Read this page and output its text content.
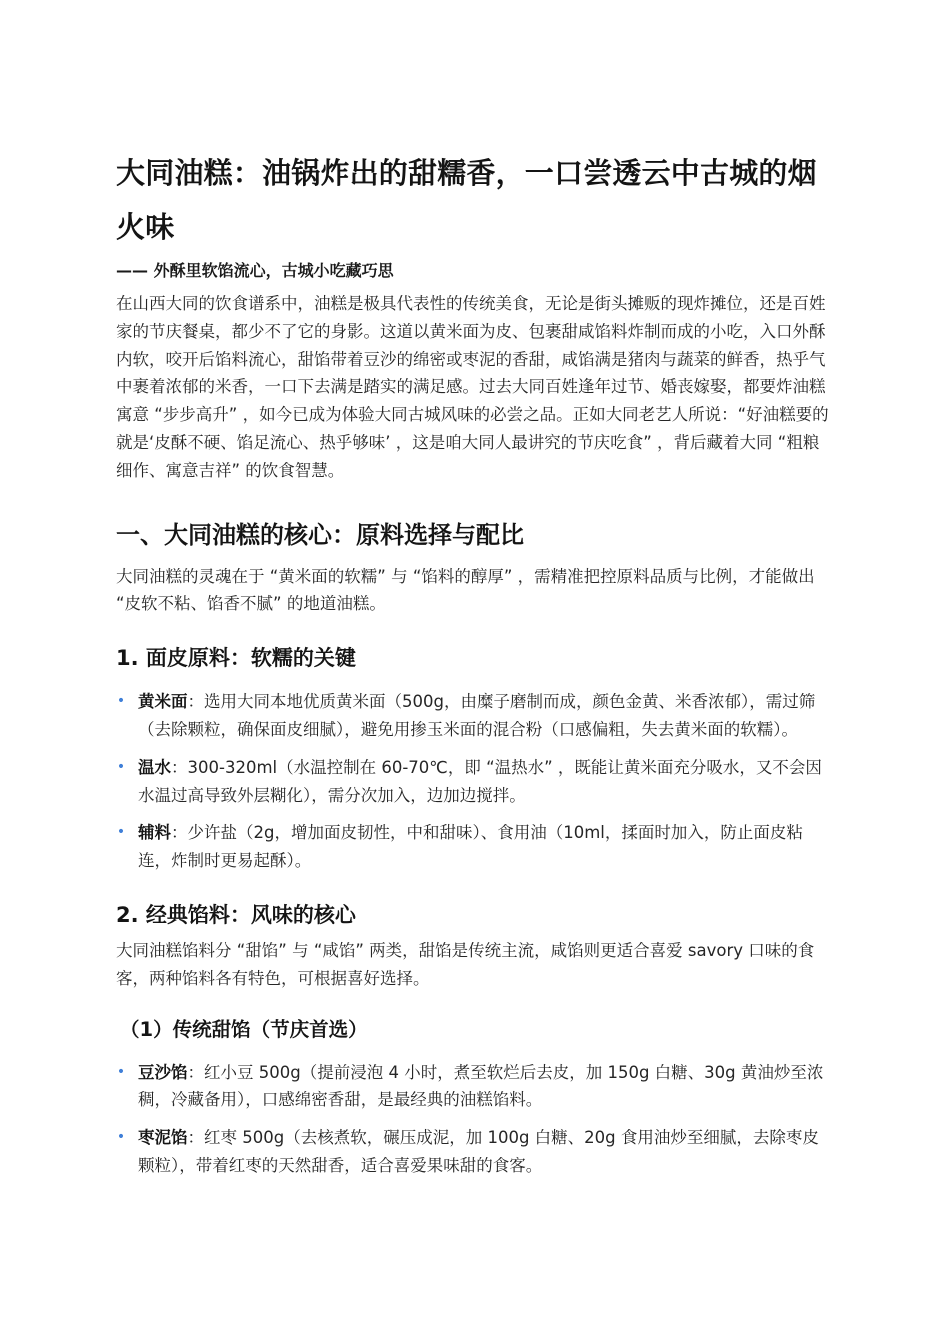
大同油糕：油锅炸出的甜糯香，一口尝透云中古城的烟火味
—— 外酥里软馅流心，古城小吃藏巧思

在山西大同的饮食谱系中，油糕是极具代表性的传统美食，无论是街头摊贩的现炸摊位，还是百姓家的节庆餐桌，都少不了它的身影。这道以黄米面为皮、包裹甜咸馅料炸制而成的小吃，入口外酥内软，咬开后馅料流心，甜馅带着豆沙的绵密或枣泥的香甜，咸馅满是猪肉与蔬菜的鲜香，热乎气中裹着浓郁的米香，一口下去满是踏实的满足感。过去大同百姓逢年过节、婚丧嫁娶，都要炸油糕寓意 “步步高升” ，如今已成为体验大同古城风味的必尝之品。正如大同老艺人所说：“好油糕要的就是‘皮酥不硬、馅足流心、热乎够味’ ，这是咱大同人最讲究的节庆吃食” ，背后藏着大同 “粗粮细作、寓意吉祥” 的饮食智慧。

一、大同油糕的核心：原料选择与配比

大同油糕的灵魂在于 “黄米面的软糯” 与 “馅料的醇厚” ，需精准把控原料品质与比例，才能做出 “皮软不粘、馅香不腻” 的地道油糕。

1. 面皮原料：软糯的关键
• 黄米面：选用大同本地优质黄米面（500g，由糜子磨制而成，颜色金黄、米香浓郁），需过筛（去除颗粒，确保面皮细腻），避免用掺玉米面的混合粉（口感偏粗，失去黄米面的软糯）。
• 温水：300-320ml（水温控制在 60-70℃，即 “温热水” ，既能让黄米面充分吸水，又不会因水温过高导致外层糊化），需分次加入，边加边搅拌。
• 辅料：少许盐（2g，增加面皮韧性，中和甜味）、食用油（10ml，揉面时加入，防止面皮粘连，炸制时更易起酥）。
2. 经典馅料：风味的核心

大同油糕馅料分 “甜馅” 与 “咸馅” 两类，甜馅是传统主流，咸馅则更适合喜爱 savory 口味的食客，两种馅料各有特色，可根据喜好选择。

（1）传统甜馅（节庆首选）
• 豆沙馅：红小豆 500g（提前浸泡 4 小时，煮至软烂后去皮，加 150g 白糖、30g 黄油炒至浓稠，冷藏备用），口感绵密香甜，是最经典的油糕馅料。
• 枣泥馅：红枣 500g（去核煮软，碾压成泥，加 100g 白糖、20g 食用油炒至细腻，去除枣皮颗粒），带着红枣的天然甜香，适合喜爱果味甜的食客。
